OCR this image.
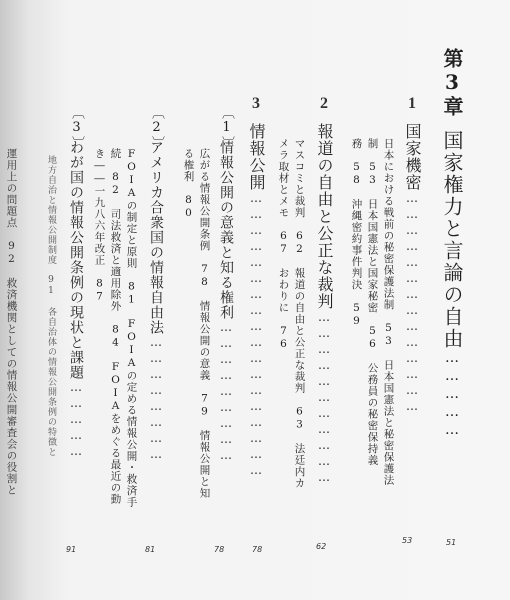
第3章国家権力と言論の自由……………
51
1
国家機密……………………………………
53
日本における戦前の秘密保護法制　53　日本国憲法と秘密保護法
制　53　日本国憲法と国家秘密　56　公務員の秘密保持義
務　58　沖縄密約事件判決　59
2
報道の自由と公正な裁判……………………………
62
マスコミと裁判　62　報道の自由と公正な裁判　63　法廷内カ
メラ取材とメモ　67　おわりに　76
3
情報公開………………………………………………
78
〔1〕
情報公開の意義と知る権利………………………
78
広がる情報公開条例　78　情報公開の意義　79　情報公開と知
る権利　80
〔2〕
アメリカ合衆国の情報自由法……………………
81
FOIAの制定と原則　81　FOIAの定める情報公開・救済手
続　82　司法救済と適用除外　84　FOIAをめぐる最近の動
き――一九八六年改正　87
〔3〕
わが国の情報公開条例の現状と課題……………
91
地方自治と情報公開制度　91　各自治体の情報公開条例の特徴と
運用上の問題点　92　救済機関としての情報公開審査会の役割と
